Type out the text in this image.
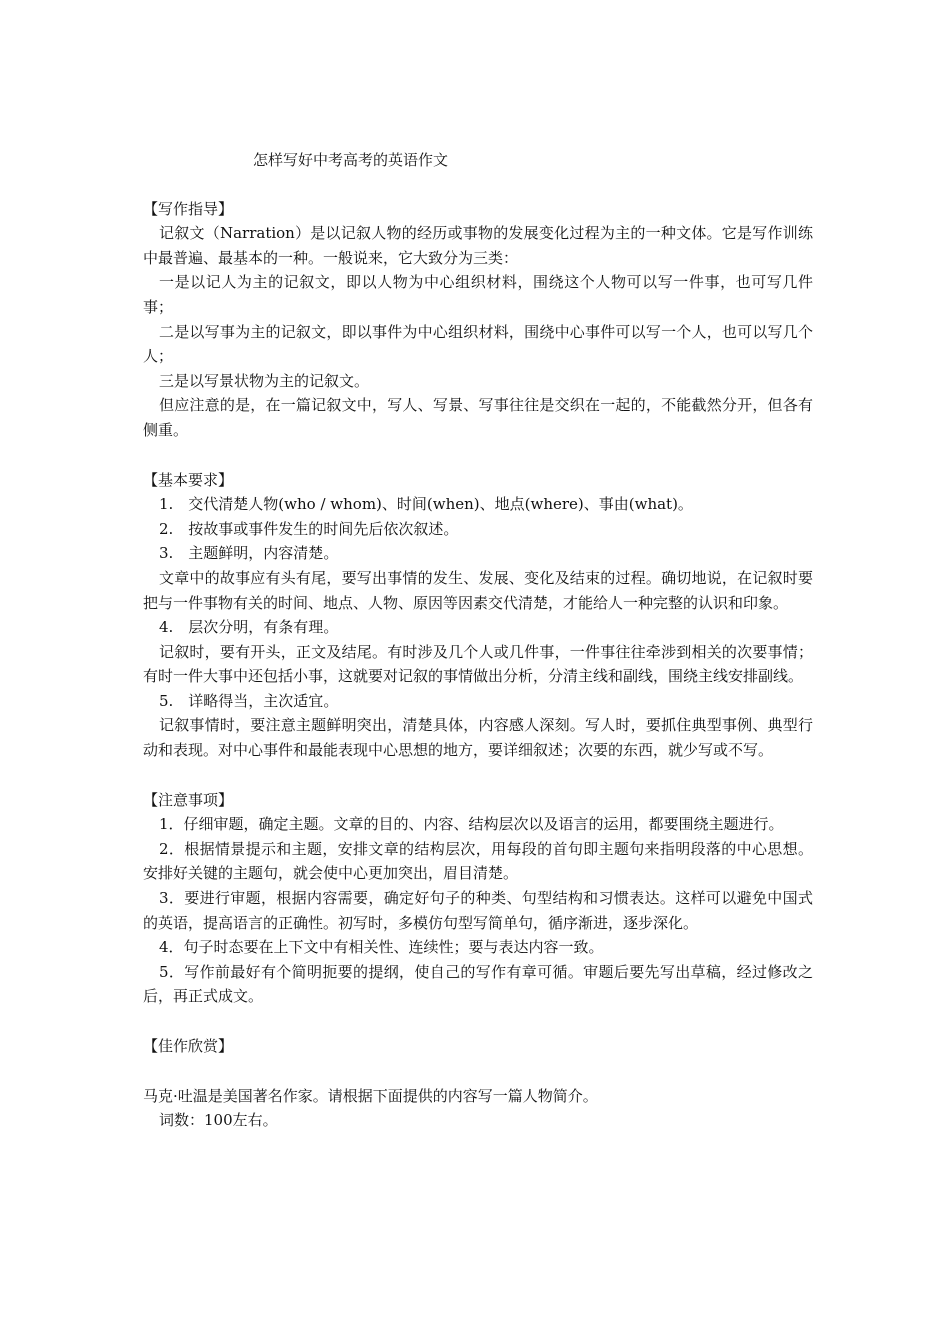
怎样写好中考高考的英语作文
【写作指导】
记叙文（Narration）是以记叙人物的经历或事物的发展变化过程为主的一种文体。它是写作训练中最普遍、最基本的一种。一般说来，它大致分为三类：
一是以记人为主的记叙文，即以人物为中心组织材料，围绕这个人物可以写一件事，也可写几件事；
二是以写事为主的记叙文，即以事件为中心组织材料，围绕中心事件可以写一个人，也可以写几个人；
三是以写景状物为主的记叙文。
但应注意的是，在一篇记叙文中，写人、写景、写事往往是交织在一起的，不能截然分开，但各有侧重。
【基本要求】
1.　交代清楚人物(who / whom)、时间(when)、地点(where)、事由(what)。
2.　按故事或事件发生的时间先后依次叙述。
3.　主题鲜明，内容清楚。
文章中的故事应有头有尾，要写出事情的发生、发展、变化及结束的过程。确切地说，在记叙时要把与一件事物有关的时间、地点、人物、原因等因素交代清楚，才能给人一种完整的认识和印象。
4.　层次分明，有条有理。
记叙时，要有开头，正文及结尾。有时涉及几个人或几件事，一件事往往牵涉到相关的次要事情；有时一件大事中还包括小事，这就要对记叙的事情做出分析，分清主线和副线，围绕主线安排副线。
5.　详略得当，主次适宜。
记叙事情时，要注意主题鲜明突出，清楚具体，内容感人深刻。写人时，要抓住典型事例、典型行动和表现。对中心事件和最能表现中心思想的地方，要详细叙述；次要的东西，就少写或不写。
【注意事项】
1．仔细审题，确定主题。文章的目的、内容、结构层次以及语言的运用，都要围绕主题进行。
2．根据情景提示和主题，安排文章的结构层次，用每段的首句即主题句来指明段落的中心思想。安排好关键的主题句，就会使中心更加突出，眉目清楚。
3．要进行审题，根据内容需要，确定好句子的种类、句型结构和习惯表达。这样可以避免中国式的英语，提高语言的正确性。初写时，多模仿句型写简单句，循序渐进，逐步深化。
4．句子时态要在上下文中有相关性、连续性；要与表达内容一致。
5．写作前最好有个简明扼要的提纲，使自己的写作有章可循。审题后要先写出草稿，经过修改之后，再正式成文。
【佳作欣赏】
马克·吐温是美国著名作家。请根据下面提供的内容写一篇人物简介。
词数：100左右。
